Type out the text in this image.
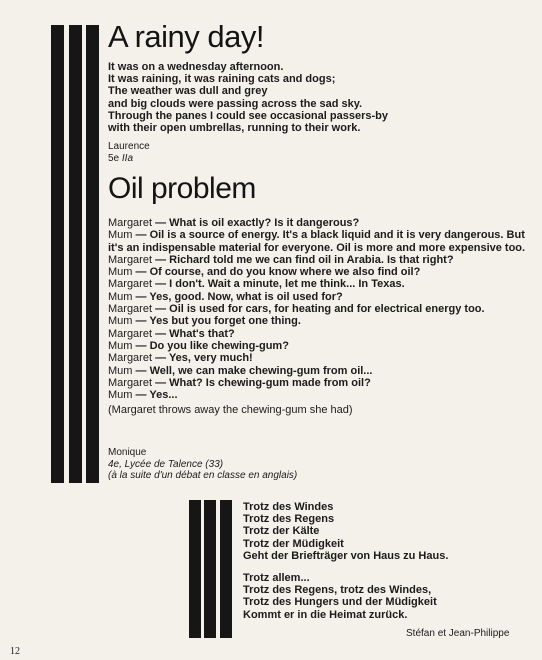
A rainy day!
It was on a wednesday afternoon.
It was raining, it was raining cats and dogs;
The weather was dull and grey
and big clouds were passing across the sad sky.
Through the panes I could see occasional passers-by
with their open umbrellas, running to their work.
Laurence
5e IIa
Oil problem
Margaret — What is oil exactly? Is it dangerous?
Mum — Oil is a source of energy. It's a black liquid and it is very dangerous. But it's an indispensable material for everyone. Oil is more and more expensive too.
Margaret — Richard told me we can find oil in Arabia. Is that right?
Mum — Of course, and do you know where we also find oil?
Margaret — I don't. Wait a minute, let me think... In Texas.
Mum — Yes, good. Now, what is oil used for?
Margaret — Oil is used for cars, for heating and for electrical energy too.
Mum — Yes but you forget one thing.
Margaret — What's that?
Mum — Do you like chewing-gum?
Margaret — Yes, very much!
Mum — Well, we can make chewing-gum from oil...
Margaret — What? Is chewing-gum made from oil?
Mum — Yes...
(Margaret throws away the chewing-gum she had)
Monique
4e, Lycée de Talence (33)
(à la suite d'un débat en classe en anglais)
Trotz des Windes
Trotz des Regens
Trotz der Kälte
Trotz der Müdigkeit
Geht der Briefträger von Haus zu Haus.
Trotz allem...
Trotz des Regens, trotz des Windes,
Trotz des Hungers und der Müdigkeit
Kommt er in die Heimat zurück.
Stéfan et Jean-Philippe
12
